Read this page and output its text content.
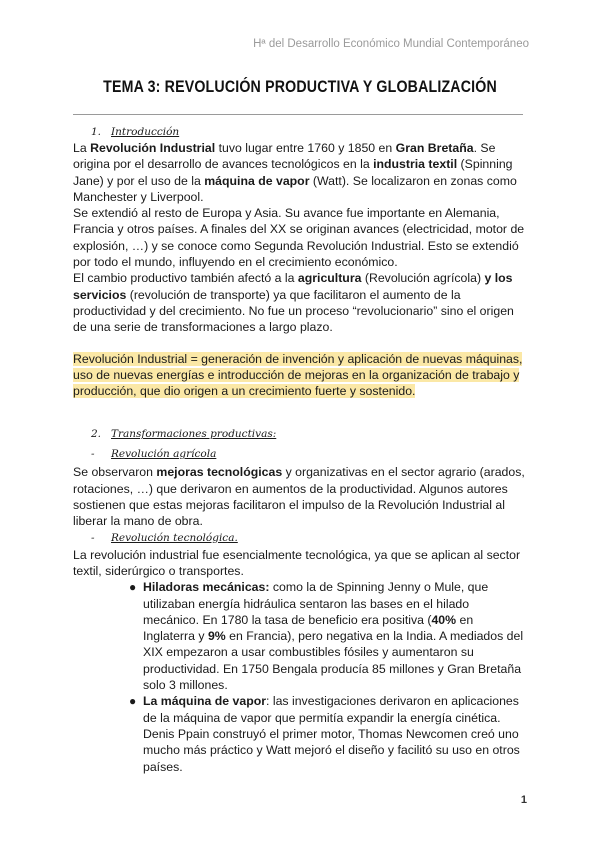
Hª del Desarrollo Económico Mundial Contemporáneo
TEMA 3: REVOLUCIÓN PRODUCTIVA Y GLOBALIZACIÓN

1. Introducción

La Revolución Industrial tuvo lugar entre 1760 y 1850 en Gran Bretaña. Se origina por el desarrollo de avances tecnológicos en la industria textil (Spinning Jane) y por el uso de la máquina de vapor (Watt). Se localizaron en zonas como Manchester y Liverpool.

Se extendió al resto de Europa y Asia. Su avance fue importante en Alemania, Francia y otros países. A finales del XX se originan avances (electricidad, motor de explosión, …) y se conoce como Segunda Revolución Industrial. Esto se extendió por todo el mundo, influyendo en el crecimiento económico.

El cambio productivo también afectó a la agricultura (Revolución agrícola) y los servicios (revolución de transporte) ya que facilitaron el aumento de la productividad y del crecimiento. No fue un proceso “revolucionario” sino el origen de una serie de transformaciones a largo plazo.

Revolución Industrial = generación de invención y aplicación de nuevas máquinas, uso de nuevas energías e introducción de mejoras en la organización de trabajo y producción, que dio origen a un crecimiento fuerte y sostenido.

2. Transformaciones productivas:

- Revolución agrícola

Se observaron mejoras tecnológicas y organizativas en el sector agrario (arados, rotaciones, …) que derivaron en aumentos de la productividad. Algunos autores sostienen que estas mejoras facilitaron el impulso de la Revolución Industrial al liberar la mano de obra.

- Revolución tecnológica.

La revolución industrial fue esencialmente tecnológica, ya que se aplican al sector textil, siderúrgico o transportes.

● Hiladoras mecánicas: como la de Spinning Jenny o Mule, que utilizaban energía hidráulica sentaron las bases en el hilado mecánico. En 1780 la tasa de beneficio era positiva (40% en Inglaterra y 9% en Francia), pero negativa en la India. A mediados del XIX empezaron a usar combustibles fósiles y aumentaron su productividad. En 1750 Bengala producía 85 millones y Gran Bretaña solo 3 millones.
● La máquina de vapor: las investigaciones derivaron en aplicaciones de la máquina de vapor que permitía expandir la energía cinética. Denis Ppain construyó el primer motor, Thomas Newcomen creó uno mucho más práctico y Watt mejoró el diseño y facilitó su uso en otros países.
1
